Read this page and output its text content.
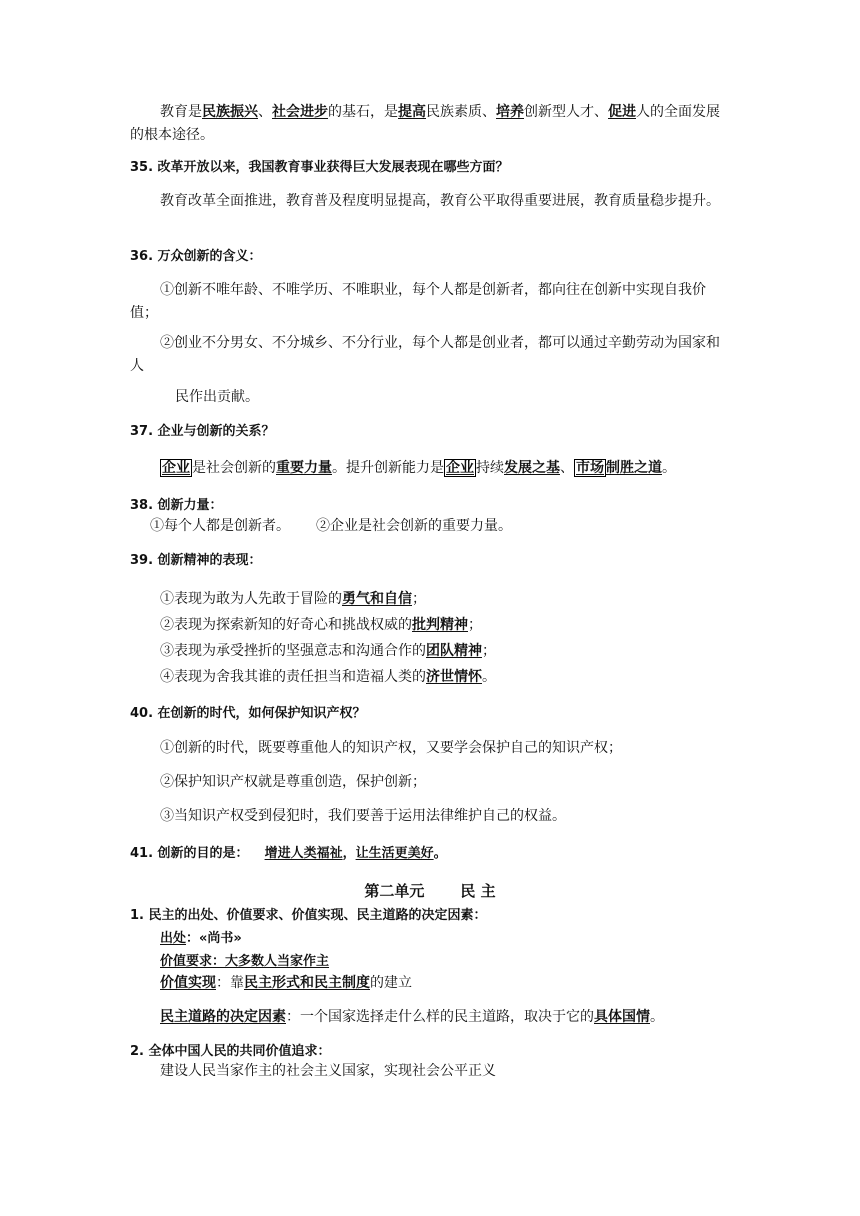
教育是民族振兴、社会进步的基石，是提高民族素质、培养创新型人才、促进人的全面发展的根本途径。
35. 改革开放以来，我国教育事业获得巨大发展表现在哪些方面？
教育改革全面推进，教育普及程度明显提高，教育公平取得重要进展，教育质量稳步提升。
36. 万众创新的含义：
①创新不唯年龄、不唯学历、不唯职业，每个人都是创新者，都向往在创新中实现自我价值；
②创业不分男女、不分城乡、不分行业，每个人都是创业者，都可以通过辛勤劳动为国家和人
民作出贡献。
37. 企业与创新的关系？
企业 是社会创新的重要力量。提升创新能力是 企业 持续发展之基、 市场 制胜之道。
38. 创新力量：
①每个人都是创新者。 ②企业是社会创新的重要力量。
39. 创新精神的表现：
①表现为敢为人先敢于冒险的勇气和自信；
②表现为探索新知的好奇心和挑战权威的批判精神；
③表现为承受挫折的坚强意志和沟通合作的团队精神；
④表现为舍我其谁的责任担当和造福人类的济世情怀。
40. 在创新的时代，如何保护知识产权？
①创新的时代，既要尊重他人的知识产权，又要学会保护自己的知识产权；
②保护知识产权就是尊重创造，保护创新；
③当知识产权受到侵犯时，我们要善于运用法律维护自己的权益。
41. 创新的目的是： 增进人类福祉，让生活更美好。
第二单元 民 主
1. 民主的出处、价值要求、价值实现、民主道路的决定因素：
出处：«尚书»
价值要求：大多数人当家作主
价值实现：靠民主形式和民主制度的建立
民主道路的决定因素：一个国家选择走什么样的民主道路，取决于它的具体国情。
2. 全体中国人民的共同价值追求：
建设人民当家作主的社会主义国家，实现社会公平正义
